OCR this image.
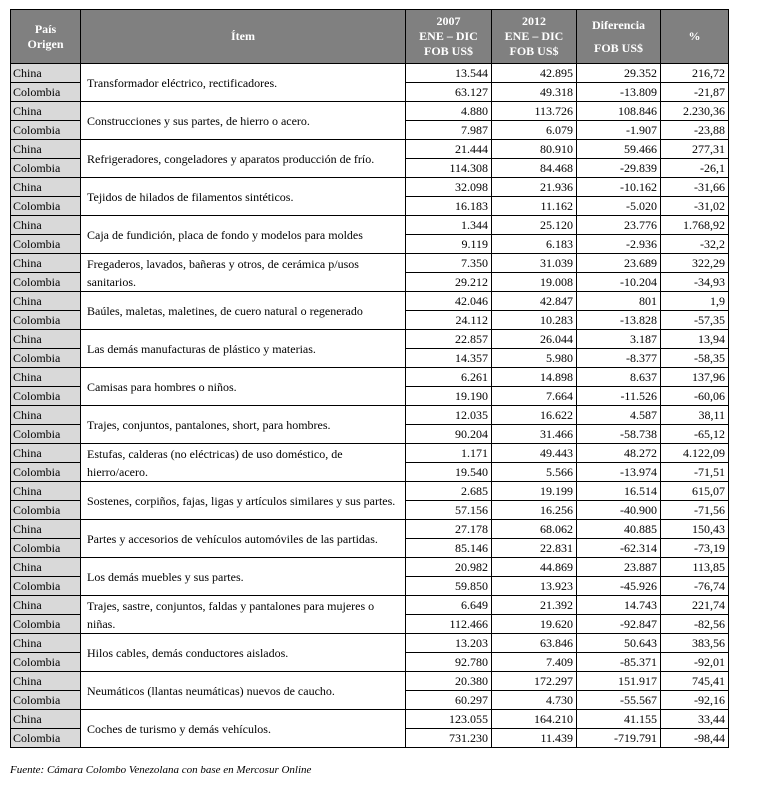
País
Origen	Ítem	2007
ENE – DIC
FOB US$	2012
ENE – DIC
FOB US$	Diferencia
FOB US$	%
China	Transformador eléctrico, rectificadores.	13.544	42.895	29.352	216,72
Colombia		63.127	49.318	-13.809	-21,87
China	Construcciones y sus partes, de hierro o acero.	4.880	113.726	108.846	2.230,36
Colombia		7.987	6.079	-1.907	-23,88
China	Refrigeradores, congeladores y aparatos producción de frío.	21.444	80.910	59.466	277,31
Colombia		114.308	84.468	-29.839	-26,1
China	Tejidos de hilados de filamentos sintéticos.	32.098	21.936	-10.162	-31,66
Colombia		16.183	11.162	-5.020	-31,02
China	Caja de fundición, placa de fondo y modelos para moldes	1.344	25.120	23.776	1.768,92
Colombia		9.119	6.183	-2.936	-32,2
China	Fregaderos, lavados, bañeras y otros, de cerámica p/usos sanitarios.	7.350	31.039	23.689	322,29
Colombia		29.212	19.008	-10.204	-34,93
China	Baúles, maletas, maletines, de cuero natural o regenerado	42.046	42.847	801	1,9
Colombia		24.112	10.283	-13.828	-57,35
China	Las demás manufacturas de plástico y materias.	22.857	26.044	3.187	13,94
Colombia		14.357	5.980	-8.377	-58,35
China	Camisas para hombres o niños.	6.261	14.898	8.637	137,96
Colombia		19.190	7.664	-11.526	-60,06
China	Trajes, conjuntos, pantalones, short, para hombres.	12.035	16.622	4.587	38,11
Colombia		90.204	31.466	-58.738	-65,12
China	Estufas, calderas (no eléctricas) de uso doméstico, de hierro/acero.	1.171	49.443	48.272	4.122,09
Colombia		19.540	5.566	-13.974	-71,51
China	Sostenes, corpiños, fajas, ligas y artículos similares y sus partes.	2.685	19.199	16.514	615,07
Colombia		57.156	16.256	-40.900	-71,56
China	Partes y accesorios de vehículos automóviles de las partidas.	27.178	68.062	40.885	150,43
Colombia		85.146	22.831	-62.314	-73,19
China	Los demás muebles y sus partes.	20.982	44.869	23.887	113,85
Colombia		59.850	13.923	-45.926	-76,74
China	Trajes, sastre, conjuntos, faldas y pantalones para mujeres o niñas.	6.649	21.392	14.743	221,74
Colombia		112.466	19.620	-92.847	-82,56
China	Hilos cables, demás conductores aislados.	13.203	63.846	50.643	383,56
Colombia		92.780	7.409	-85.371	-92,01
China	Neumáticos (llantas neumáticas) nuevos de caucho.	20.380	172.297	151.917	745,41
Colombia		60.297	4.730	-55.567	-92,16
China	Coches de turismo y demás vehículos.	123.055	164.210	41.155	33,44
Colombia		731.230	11.439	-719.791	-98,44
Fuente: Cámara Colombo Venezolana con base en Mercosur Online
